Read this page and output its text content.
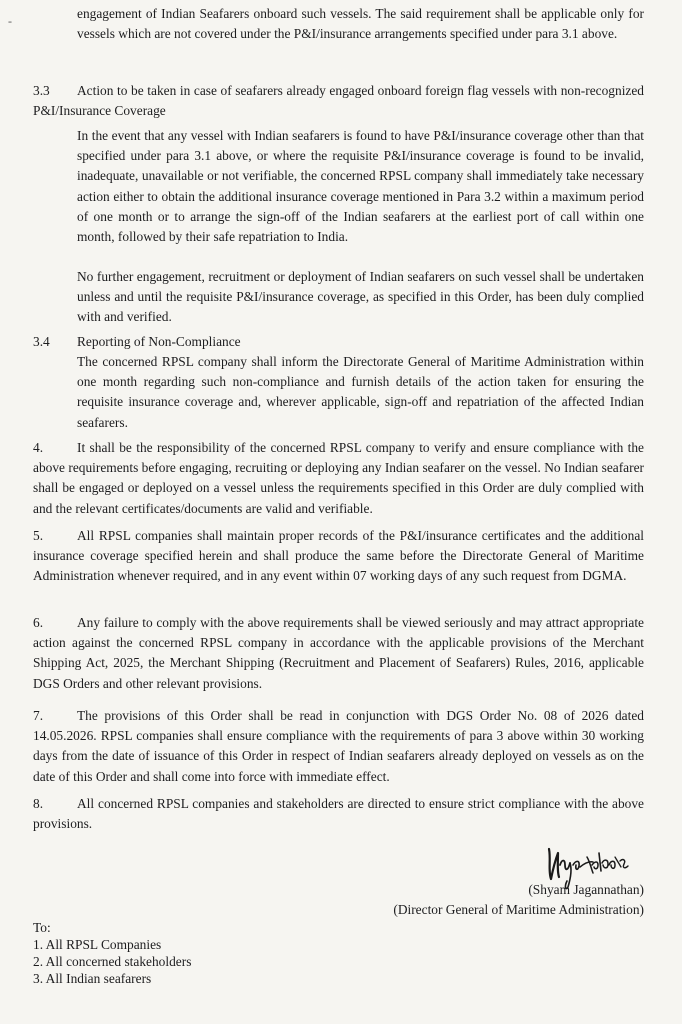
-	engagement of Indian Seafarers onboard such vessels. The said requirement shall be applicable only for vessels which are not covered under the P&I/insurance arrangements specified under para 3.1 above.

3.3	Action to be taken in case of seafarers already engaged onboard foreign flag vessels with non-recognized P&I/Insurance Coverage

In the event that any vessel with Indian seafarers is found to have P&I/insurance coverage other than that specified under para 3.1 above, or where the requisite P&I/insurance coverage is found to be invalid, inadequate, unavailable or not verifiable, the concerned RPSL company shall immediately take necessary action either to obtain the additional insurance coverage mentioned in Para 3.2 within a maximum period of one month or to arrange the sign-off of the Indian seafarers at the earliest port of call within one month, followed by their safe repatriation to India.

No further engagement, recruitment or deployment of Indian seafarers on such vessel shall be undertaken unless and until the requisite P&I/insurance coverage, as specified in this Order, has been duly complied with and verified.

3.4 Reporting of Non-Compliance

The concerned RPSL company shall inform the Directorate General of Maritime Administration within one month regarding such non-compliance and furnish details of the action taken for ensuring the requisite insurance coverage and, wherever applicable, sign-off and repatriation of the affected Indian seafarers.

4.	It shall be the responsibility of the concerned RPSL company to verify and ensure compliance with the above requirements before engaging, recruiting or deploying any Indian seafarer on the vessel. No Indian seafarer shall be engaged or deployed on a vessel unless the requirements specified in this Order are duly complied with and the relevant certificates/documents are valid and verifiable.

5.	All RPSL companies shall maintain proper records of the P&I/insurance certificates and the additional insurance coverage specified herein and shall produce the same before the Directorate General of Maritime Administration whenever required, and in any event within 07 working days of any such request from DGMA.

6.	Any failure to comply with the above requirements shall be viewed seriously and may attract appropriate action against the concerned RPSL company in accordance with the applicable provisions of the Merchant Shipping Act, 2025, the Merchant Shipping (Recruitment and Placement of Seafarers) Rules, 2016, applicable DGS Orders and other relevant provisions.

7.	The provisions of this Order shall be read in conjunction with DGS Order No. 08 of 2026 dated 14.05.2026. RPSL companies shall ensure compliance with the requirements of para 3 above within 30 working days from the date of issuance of this Order in respect of Indian seafarers already deployed on vessels as on the date of this Order and shall come into force with immediate effect.

8.	All concerned RPSL companies and stakeholders are directed to ensure strict compliance with the above provisions.

(Shyam Jagannathan)
(Director General of Maritime Administration)
To:
1. All RPSL Companies
2. All concerned stakeholders
3. All Indian seafarers
